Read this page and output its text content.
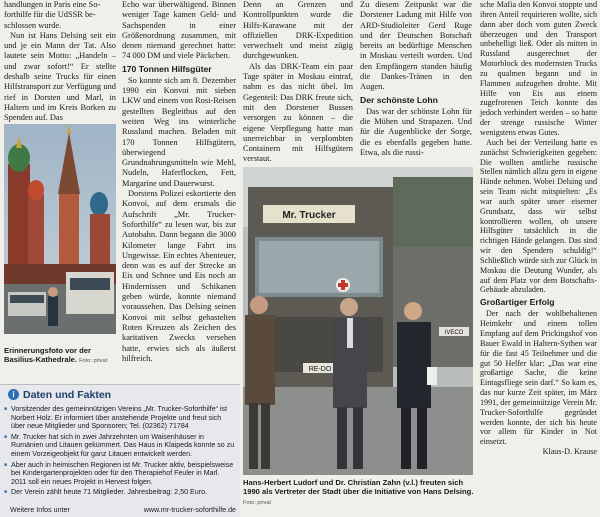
handlungen in Paris eine So-

forthilfe für die UdSSR be-

schlossen wurde.

Nun ist Hans Delsing seit ein und je ein Mann der Tat. Also lautete sein Motto: „Handeln – und zwar sofort!“ Er stellte deshalb seine Trucks für einen Hilfstransport zur Verfügung und rief in Dorsten und Marl, in Haltern und im Kreis Borken zu Spenden auf. Das

Erinnerungsfoto vor der Basilius-Kathedrale. Foto: privat

Echo war überwältigend. Binnen weniger Tage kamen Geld- und Sachspenden in einer Größenordnung zusammen, mit denen niemand gerechnet hatte: 74 000 DM und viele Päckchen.

170 Tonnen Hilfsgüter

So konnte sich am 8. Dezember 1990 ein Konvoi mit sieben LKW und einem von Rosi-Reisen gestellten Begleitbus auf den weiten Weg ins winterliche Russland machen. Beladen mit 170 Tonnen Hilfsgütern, überwiegend Grundnahrungsmitteln wie Mehl, Nudeln, Haferflocken, Fett, Margarine und Dauerwurst.

Dorstens Polizei eskortierte den Konvoi, auf dem ersmals die Aufschrift „Mr. Trucker-Soforthilfe“ zu lesen war, bis zur Autobahn. Dann begann die 3000 Kilometer lange Fahrt ins Ungewisse. Ein echtes Abenteuer, denn was es auf der Strecke an Eis und Schnee und Eis noch an Hindernissen und Schikanen geben würde, konnte niemand voraussehen. Das Delsing seinen Konvoi mit selbst gebastelten Roten Kreuzen als Zeichen des karitativen Zwecks versehen hatte, erwies sich als äußerst hilfreich.

Denn an Grenzen und Kontrollpunkten wurde die Hilfs-Karawane mit der offiziellen DRK-Expedition verwechselt und meist zügig durchgewunken.

Als das DRK-Team ein paar Tage später in Moskau eintraf, nahm es das nicht übel. Im Gegenteil: Das DRK freute sich, mit den Dorstener Bussen versorgen zu können – die eigene Verpflegung hatte man unerreichbar in verplombten Containern mit Hilfsgütern verstaut.

Zu diesem Zeitpunkt war die Dorstener Ladung mit Hilfe von ARD-Studioleiter Gerd Ruge und der Deutschen Botschaft bereits an bedürftige Menschen in Moskau verteilt worden. Und den Empfängern standen häufig die Dankes-Tränen in den Augen.

Der schönste Lohn

Das war der schönste Lohn für die Mühen und Strapazen. Und für die Augenblicke der Sorge, die es ebenfalls gegeben hatte. Etwa, als die russi-

sche Mafia den Konvoi stoppte und ihren Anteil requirieren wollte, sich dann aber doch vom guten Zweck überzeugen und den Transport unbehelligt ließ. Oder als mitten in Russland ausgerechnet der Motorblock des modernsten Trucks zu qualmen begann und in Flammen aufzugehen drohte. Mit Hilfe von Eis aus einem zugefrorenen Teich konnte das jedoch verhindert werden – so hatte der strenge russische Winter wenigstens etwas Gutes.

Auch bei der Verteilung hatte es zunächst Schwierigkeiten gegeben: Die wollten amtliche russische Stellen nämlich allzu gern in eigene Hände nehmen. Wobei Delsing und sein Team nicht mitspielten: „Es war auch später unser eiserner Grundsatz, dass wir selbst kontrollieren wollen, ob unsere Hilfsgüter tatsächlich in die richtigen Hände gelangen. Das sind wir den Spendern schuldig!“ Schließlich würde sich zur Glück in Moskau die Deutung Wunder, als auf dem Platz vor dem Botschafts-Gebäude abzuladen.

Großartiger Erfolg

Der nach der wohlbehaltenen Heimkehr und einem tollen Empfang auf dem Prickingshof von Bauer Ewald in Haltern-Sythen war für die fast 45 Teilnehmer und die gut 50 Helfer klar: „Das war eine großartige Sache, die keine Eintagsfliege sein darf.“ So kam es, das nur kurze Zeit später, im März 1991, der gemeinnützige Verein Mr. Trucker-Soforthilfe gegründet werden konnte, der sich bis heute vor allem für Kinder in Not einsetzt.

Klaus-D. Krause
Mr. Trucker
RE-DO
IVECO
Hans-Herbert Ludorf und Dr. Christian Zahn (v.l.) freuten sich 1990 als Vertreter der Stadt über die Initiative von Hans Delsing. Foto: privat
i Daten und Fakten
■ Vorsitzender des gemeinnützigen Vereins „Mr. Trucker-Soforthilfe“ ist Norbert Holz. Er informiert über anstehende Projekte und freut sich über neue Mitglieder und Sponsoren; Tel. (02362) 71784
■ Mr. Trucker hat sich in zwei Jahrzehnten um Waisenhäuser in Rumänien und Litauen gekümmert. Das Haus in Klaipeda konnte so zu einem Vorzeigeobjekt für ganz Litauen entwickelt werden.
■ Aber auch in heimischen Regionen ist Mr. Trucker aktiv, beispielsweise bei Kindergartenprojekten oder für den Therapiehof Feuler in Marl. 2011 soll ein neues Projekt in Hervest folgen.
■ Der Verein zählt heute 71 Mitglieder. Jahresbeitrag: 2,50 Euro.
Weitere Infos unter	www.mr-trucker-soforthilfe.de
